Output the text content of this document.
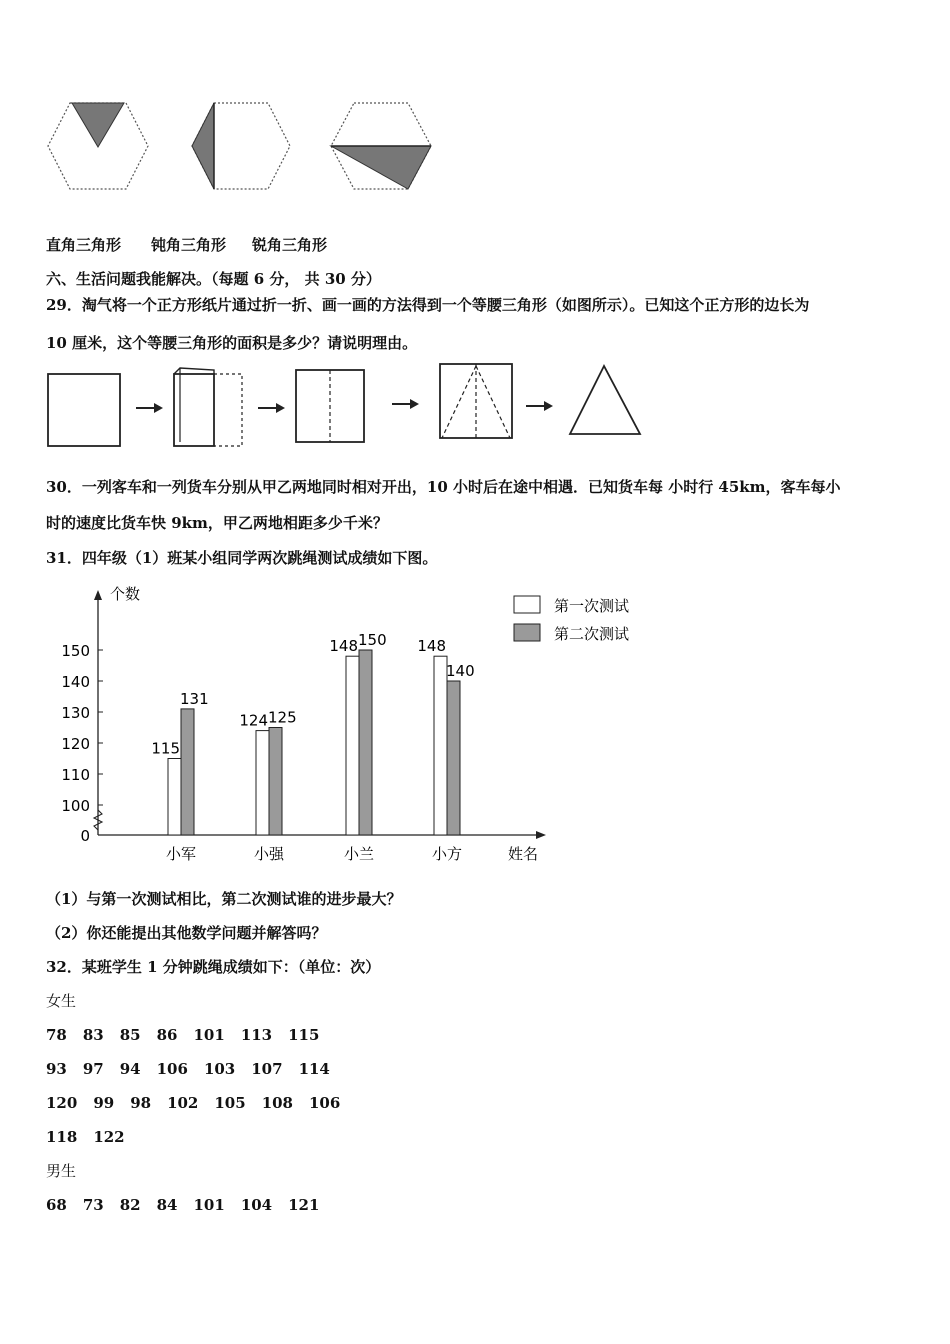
直角三角形 钝角三角形 锐角三角形
六、生活问题我能解决。（每题 6 分， 共 30 分）
29．淘气将一个正方形纸片通过折一折、画一画的方法得到一个等腰三角形（如图所示）。已知这个正方形的边长为
10 厘米，这个等腰三角形的面积是多少？请说明理由。
30．一列客车和一列货车分别从甲乙两地同时相对开出，10 小时后在途中相遇．已知货车每 小时行 45km，客车每小
时的速度比货车快 9km，甲乙两地相距多少千米？
31．四年级（1）班某小组同学两次跳绳测试成绩如下图。
个数
姓名
0
100
110
120
130
140
150
115
131
124 125
148 150 148
140
小军	小强	小兰	小方
第一次测试
第二次测试
（1）与第一次测试相比，第二次测试谁的进步最大？
（2）你还能提出其他数学问题并解答吗？
32．某班学生 1 分钟跳绳成绩如下：（单位：次）
女生
78 83 85 86 101 113 115
93 97 94 106 103 107 114
120 99 98 102 105 108 106
118 122
男生
68 73 82 84 101 104 121
